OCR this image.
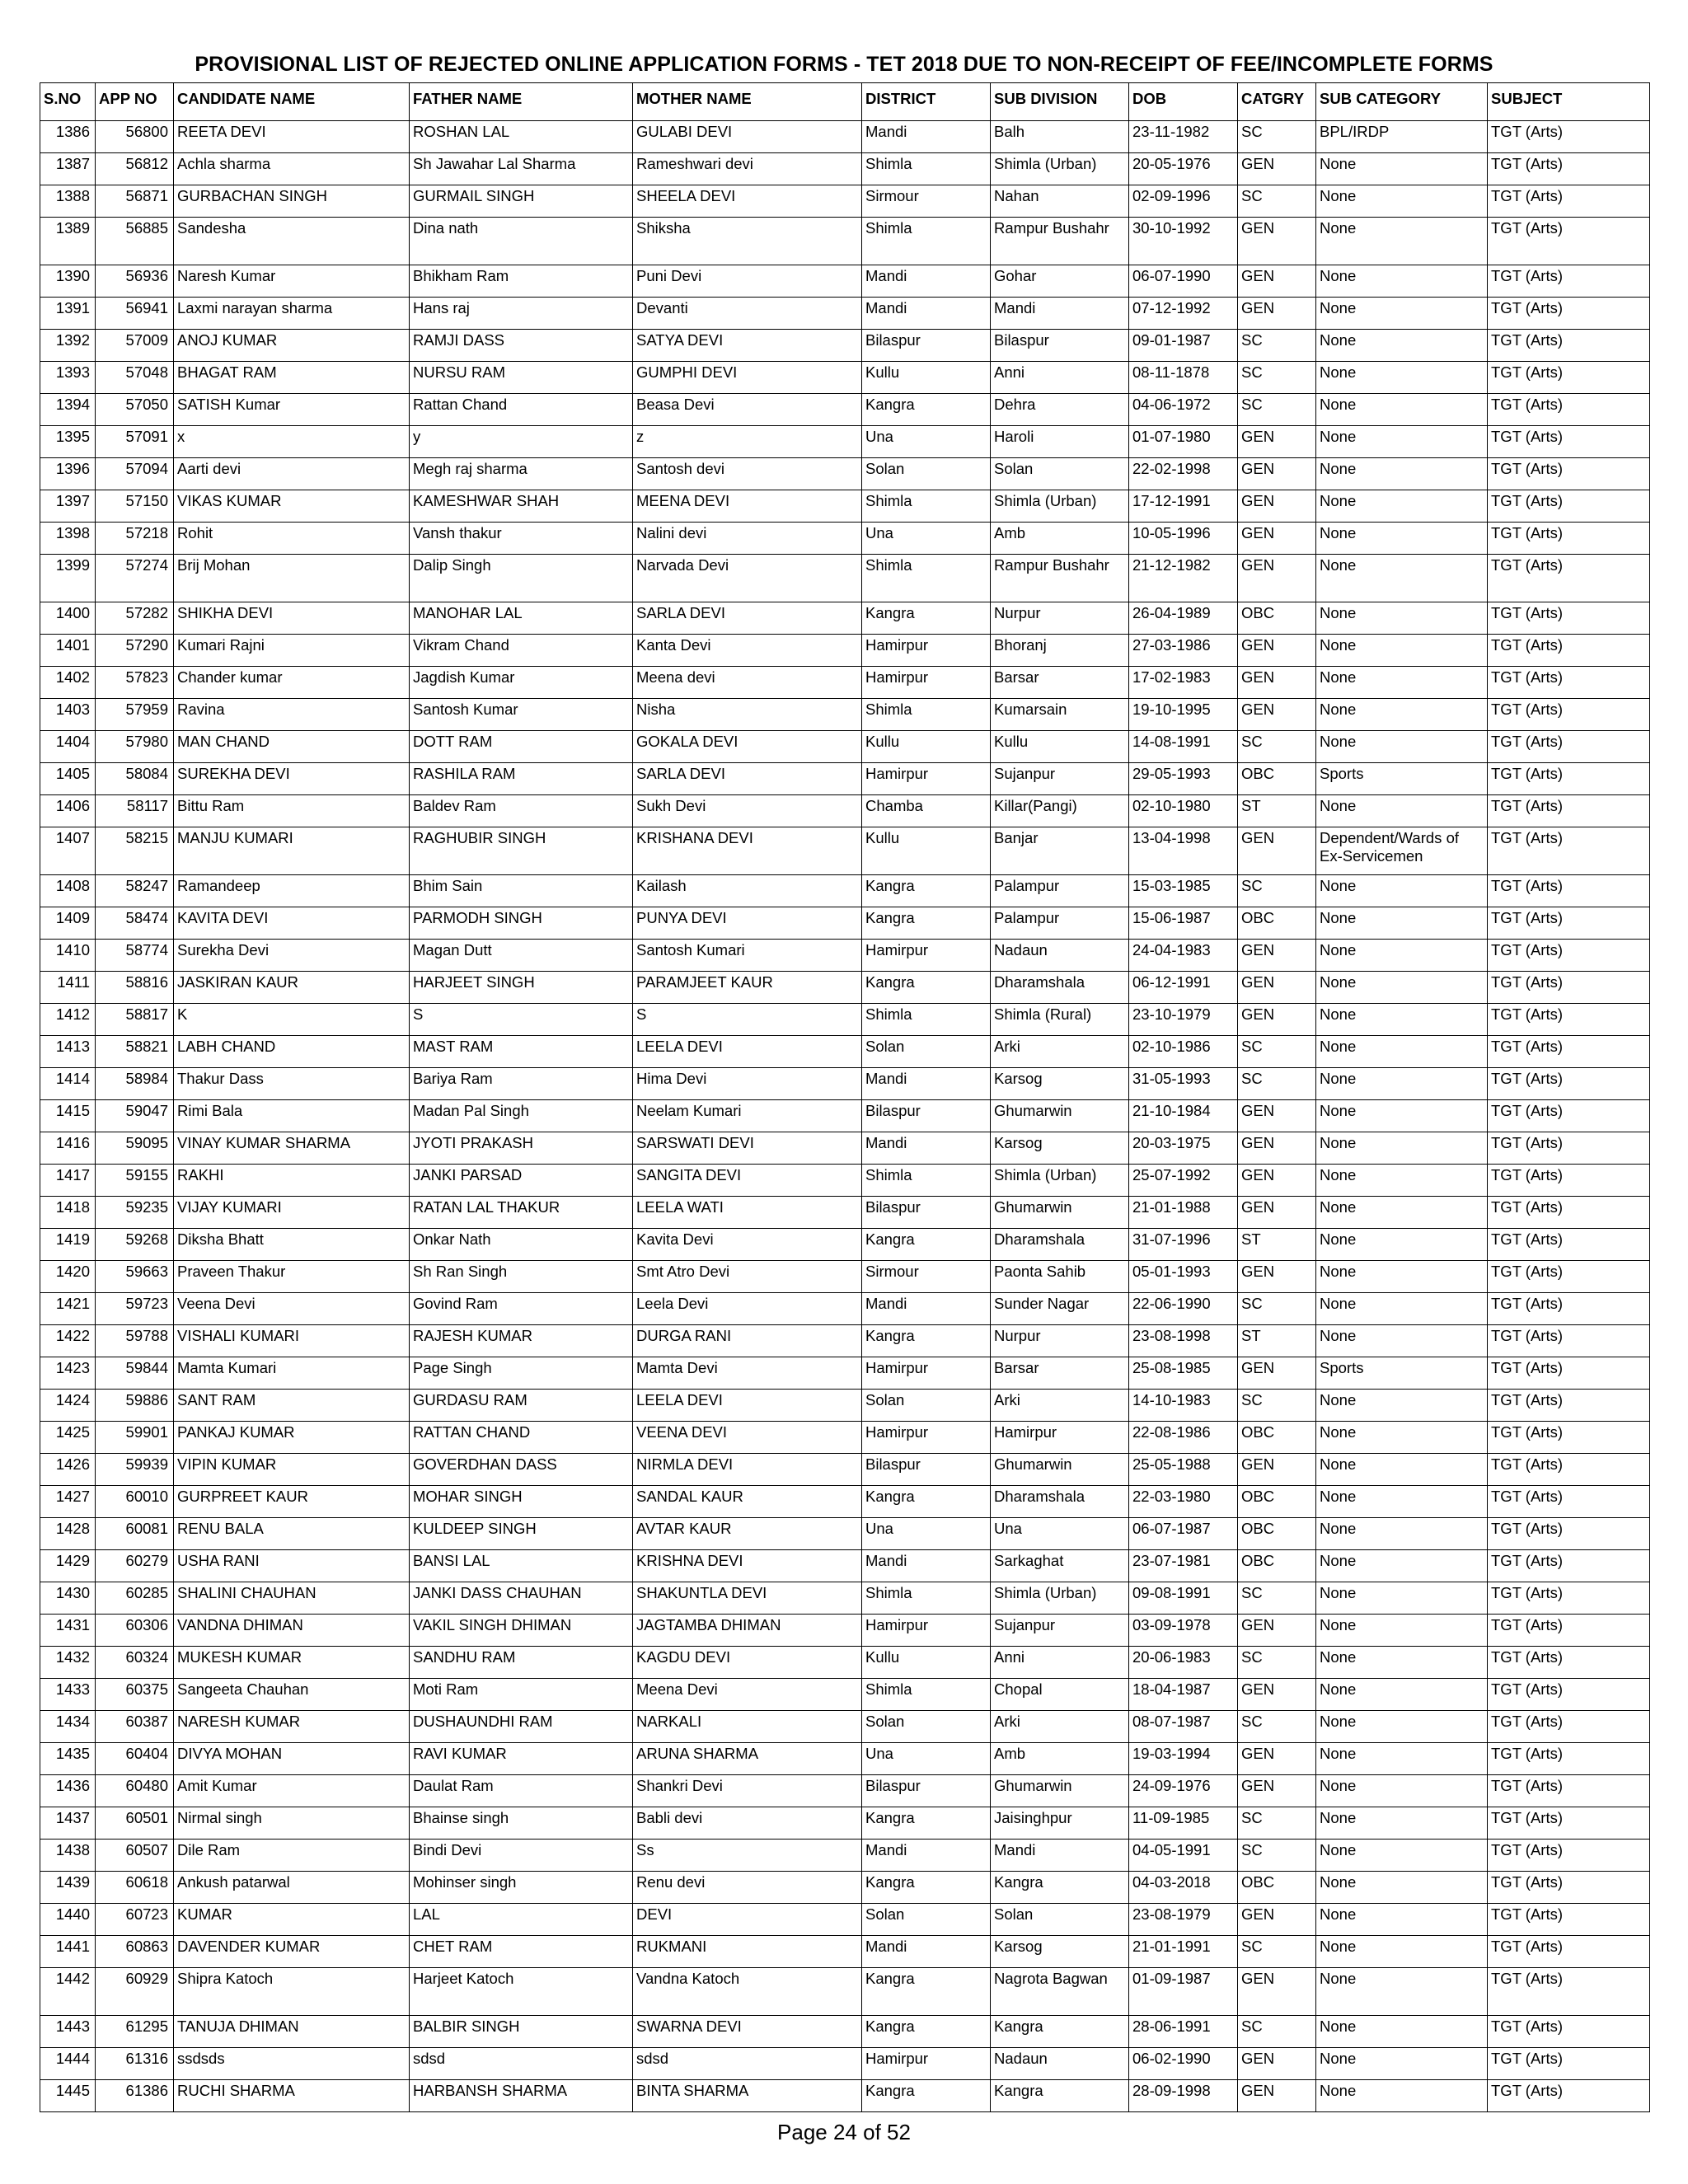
PROVISIONAL LIST OF REJECTED ONLINE APPLICATION FORMS - TET 2018 DUE TO NON-RECEIPT OF FEE/INCOMPLETE FORMS
S.NO	APP NO	CANDIDATE NAME	FATHER NAME	MOTHER NAME	DISTRICT	SUB DIVISION	DOB	CATGRY	SUB CATEGORY	SUBJECT
1386	56800	REETA DEVI	ROSHAN LAL	GULABI DEVI	Mandi	Balh	23-11-1982	SC	BPL/IRDP	TGT (Arts)
1387	56812	Achla sharma	Sh Jawahar Lal Sharma	Rameshwari devi	Shimla	Shimla (Urban)	20-05-1976	GEN	None	TGT (Arts)
1388	56871	GURBACHAN SINGH	GURMAIL SINGH	SHEELA DEVI	Sirmour	Nahan	02-09-1996	SC	None	TGT (Arts)
1389	56885	Sandesha	Dina nath	Shiksha	Shimla	Rampur Bushahr	30-10-1992	GEN	None	TGT (Arts)
1390	56936	Naresh Kumar	Bhikham Ram	Puni Devi	Mandi	Gohar	06-07-1990	GEN	None	TGT (Arts)
1391	56941	Laxmi narayan sharma	Hans raj	Devanti	Mandi	Mandi	07-12-1992	GEN	None	TGT (Arts)
1392	57009	ANOJ KUMAR	RAMJI DASS	SATYA DEVI	Bilaspur	Bilaspur	09-01-1987	SC	None	TGT (Arts)
1393	57048	BHAGAT RAM	NURSU RAM	GUMPHI DEVI	Kullu	Anni	08-11-1878	SC	None	TGT (Arts)
1394	57050	SATISH Kumar	Rattan Chand	Beasa Devi	Kangra	Dehra	04-06-1972	SC	None	TGT (Arts)
1395	57091	x	y	z	Una	Haroli	01-07-1980	GEN	None	TGT (Arts)
1396	57094	Aarti devi	Megh raj sharma	Santosh devi	Solan	Solan	22-02-1998	GEN	None	TGT (Arts)
1397	57150	VIKAS KUMAR	KAMESHWAR SHAH	MEENA DEVI	Shimla	Shimla (Urban)	17-12-1991	GEN	None	TGT (Arts)
1398	57218	Rohit	Vansh thakur	Nalini devi	Una	Amb	10-05-1996	GEN	None	TGT (Arts)
1399	57274	Brij Mohan	Dalip Singh	Narvada Devi	Shimla	Rampur Bushahr	21-12-1982	GEN	None	TGT (Arts)
1400	57282	SHIKHA DEVI	MANOHAR LAL	SARLA DEVI	Kangra	Nurpur	26-04-1989	OBC	None	TGT (Arts)
1401	57290	Kumari Rajni	Vikram Chand	Kanta Devi	Hamirpur	Bhoranj	27-03-1986	GEN	None	TGT (Arts)
1402	57823	Chander kumar	Jagdish Kumar	Meena devi	Hamirpur	Barsar	17-02-1983	GEN	None	TGT (Arts)
1403	57959	Ravina	Santosh Kumar	Nisha	Shimla	Kumarsain	19-10-1995	GEN	None	TGT (Arts)
1404	57980	MAN CHAND	DOTT RAM	GOKALA DEVI	Kullu	Kullu	14-08-1991	SC	None	TGT (Arts)
1405	58084	SUREKHA DEVI	RASHILA RAM	SARLA DEVI	Hamirpur	Sujanpur	29-05-1993	OBC	Sports	TGT (Arts)
1406	58117	Bittu Ram	Baldev Ram	Sukh Devi	Chamba	Killar(Pangi)	02-10-1980	ST	None	TGT (Arts)
1407	58215	MANJU KUMARI	RAGHUBIR SINGH	KRISHANA DEVI	Kullu	Banjar	13-04-1998	GEN	Dependent/Wards of Ex-Servicemen	TGT (Arts)
1408	58247	Ramandeep	Bhim Sain	Kailash	Kangra	Palampur	15-03-1985	SC	None	TGT (Arts)
1409	58474	KAVITA DEVI	PARMODH SINGH	PUNYA DEVI	Kangra	Palampur	15-06-1987	OBC	None	TGT (Arts)
1410	58774	Surekha Devi	Magan Dutt	Santosh Kumari	Hamirpur	Nadaun	24-04-1983	GEN	None	TGT (Arts)
1411	58816	JASKIRAN KAUR	HARJEET SINGH	PARAMJEET KAUR	Kangra	Dharamshala	06-12-1991	GEN	None	TGT (Arts)
1412	58817	K	S	S	Shimla	Shimla (Rural)	23-10-1979	GEN	None	TGT (Arts)
1413	58821	LABH CHAND	MAST RAM	LEELA DEVI	Solan	Arki	02-10-1986	SC	None	TGT (Arts)
1414	58984	Thakur Dass	Bariya Ram	Hima Devi	Mandi	Karsog	31-05-1993	SC	None	TGT (Arts)
1415	59047	Rimi Bala	Madan Pal Singh	Neelam Kumari	Bilaspur	Ghumarwin	21-10-1984	GEN	None	TGT (Arts)
1416	59095	VINAY KUMAR SHARMA	JYOTI PRAKASH	SARSWATI DEVI	Mandi	Karsog	20-03-1975	GEN	None	TGT (Arts)
1417	59155	RAKHI	JANKI PARSAD	SANGITA DEVI	Shimla	Shimla (Urban)	25-07-1992	GEN	None	TGT (Arts)
1418	59235	VIJAY KUMARI	RATAN LAL THAKUR	LEELA WATI	Bilaspur	Ghumarwin	21-01-1988	GEN	None	TGT (Arts)
1419	59268	Diksha Bhatt	Onkar Nath	Kavita Devi	Kangra	Dharamshala	31-07-1996	ST	None	TGT (Arts)
1420	59663	Praveen Thakur	Sh Ran Singh	Smt Atro Devi	Sirmour	Paonta Sahib	05-01-1993	GEN	None	TGT (Arts)
1421	59723	Veena Devi	Govind Ram	Leela Devi	Mandi	Sunder Nagar	22-06-1990	SC	None	TGT (Arts)
1422	59788	VISHALI KUMARI	RAJESH KUMAR	DURGA RANI	Kangra	Nurpur	23-08-1998	ST	None	TGT (Arts)
1423	59844	Mamta Kumari	Page Singh	Mamta Devi	Hamirpur	Barsar	25-08-1985	GEN	Sports	TGT (Arts)
1424	59886	SANT RAM	GURDASU RAM	LEELA DEVI	Solan	Arki	14-10-1983	SC	None	TGT (Arts)
1425	59901	PANKAJ KUMAR	RATTAN CHAND	VEENA DEVI	Hamirpur	Hamirpur	22-08-1986	OBC	None	TGT (Arts)
1426	59939	VIPIN KUMAR	GOVERDHAN DASS	NIRMLA DEVI	Bilaspur	Ghumarwin	25-05-1988	GEN	None	TGT (Arts)
1427	60010	GURPREET KAUR	MOHAR SINGH	SANDAL KAUR	Kangra	Dharamshala	22-03-1980	OBC	None	TGT (Arts)
1428	60081	RENU BALA	KULDEEP SINGH	AVTAR KAUR	Una	Una	06-07-1987	OBC	None	TGT (Arts)
1429	60279	USHA RANI	BANSI LAL	KRISHNA DEVI	Mandi	Sarkaghat	23-07-1981	OBC	None	TGT (Arts)
1430	60285	SHALINI CHAUHAN	JANKI DASS CHAUHAN	SHAKUNTLA DEVI	Shimla	Shimla (Urban)	09-08-1991	SC	None	TGT (Arts)
1431	60306	VANDNA DHIMAN	VAKIL SINGH DHIMAN	JAGTAMBA DHIMAN	Hamirpur	Sujanpur	03-09-1978	GEN	None	TGT (Arts)
1432	60324	MUKESH KUMAR	SANDHU RAM	KAGDU DEVI	Kullu	Anni	20-06-1983	SC	None	TGT (Arts)
1433	60375	Sangeeta Chauhan	Moti Ram	Meena Devi	Shimla	Chopal	18-04-1987	GEN	None	TGT (Arts)
1434	60387	NARESH KUMAR	DUSHAUNDHI RAM	NARKALI	Solan	Arki	08-07-1987	SC	None	TGT (Arts)
1435	60404	DIVYA MOHAN	RAVI KUMAR	ARUNA SHARMA	Una	Amb	19-03-1994	GEN	None	TGT (Arts)
1436	60480	Amit Kumar	Daulat Ram	Shankri Devi	Bilaspur	Ghumarwin	24-09-1976	GEN	None	TGT (Arts)
1437	60501	Nirmal singh	Bhainse singh	Babli devi	Kangra	Jaisinghpur	11-09-1985	SC	None	TGT (Arts)
1438	60507	Dile Ram	Bindi Devi	Ss	Mandi	Mandi	04-05-1991	SC	None	TGT (Arts)
1439	60618	Ankush patarwal	Mohinser singh	Renu devi	Kangra	Kangra	04-03-2018	OBC	None	TGT (Arts)
1440	60723	KUMAR	LAL	DEVI	Solan	Solan	23-08-1979	GEN	None	TGT (Arts)
1441	60863	DAVENDER KUMAR	CHET RAM	RUKMANI	Mandi	Karsog	21-01-1991	SC	None	TGT (Arts)
1442	60929	Shipra Katoch	Harjeet Katoch	Vandna Katoch	Kangra	Nagrota Bagwan	01-09-1987	GEN	None	TGT (Arts)
1443	61295	TANUJA DHIMAN	BALBIR SINGH	SWARNA DEVI	Kangra	Kangra	28-06-1991	SC	None	TGT (Arts)
1444	61316	ssdsds	sdsd	sdsd	Hamirpur	Nadaun	06-02-1990	GEN	None	TGT (Arts)
1445	61386	RUCHI SHARMA	HARBANSH SHARMA	BINTA SHARMA	Kangra	Kangra	28-09-1998	GEN	None	TGT (Arts)
Page 24 of 52
